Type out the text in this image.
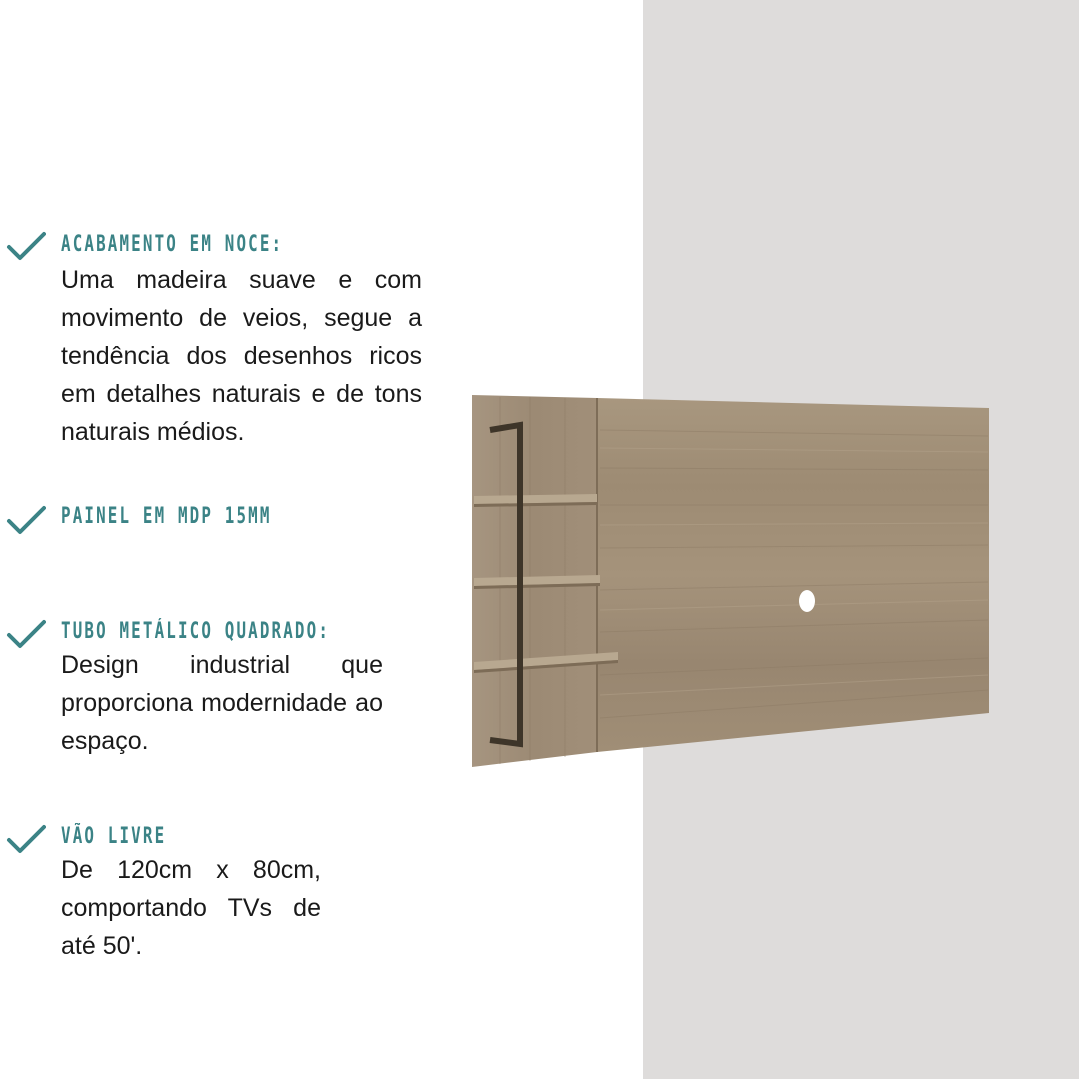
ACABAMENTO EM NOCE:

Uma madeira suave e com movimento de veios, segue a tendência dos desenhos ricos em detalhes naturais e de tons naturais médios.

PAINEL EM MDP 15MM
TUBO METÁLICO QUADRADO:

Design industrial que proporciona modernidade ao espaço.

VÃO LIVRE

De 120cm x 80cm, comportando TVs de até 50'.
